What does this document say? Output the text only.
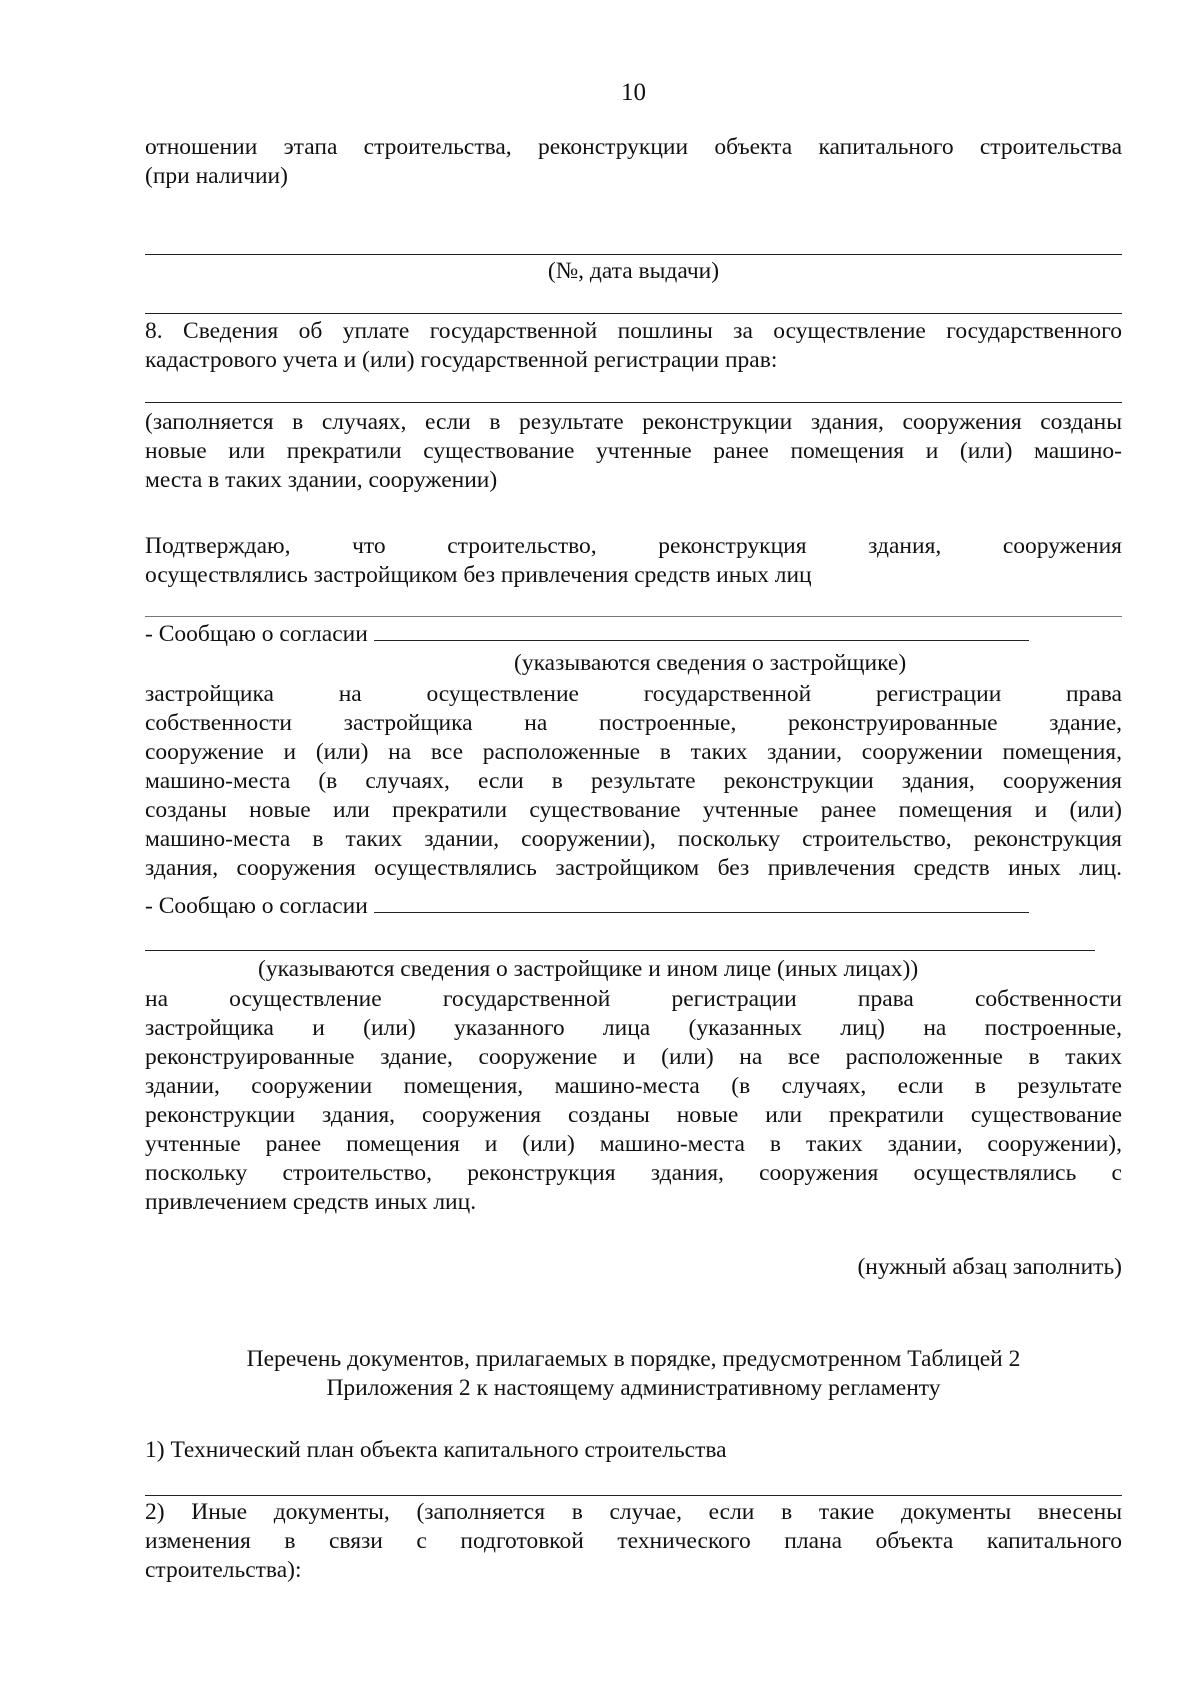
10
отношении этапа строительства, реконструкции объекта капитального строительства
(при наличии)
(№, дата выдачи)
8. Сведения об уплате государственной пошлины за осуществление государственного
кадастрового учета и (или) государственной регистрации прав:
(заполняется в случаях, если в результате реконструкции здания, сооружения созданы
новые или прекратили существование учтенные ранее помещения и (или) машино-
места в таких здании, сооружении)
Подтверждаю, что строительство, реконструкция здания, сооружения
осуществлялись застройщиком без привлечения средств иных лиц
- Сообщаю о согласии
(указываются сведения о застройщике)
застройщика на осуществление государственной регистрации права
собственности застройщика на построенные, реконструированные здание,
сооружение и (или) на все расположенные в таких здании, сооружении помещения,
машино-места (в случаях, если в результате реконструкции здания, сооружения
созданы новые или прекратили существование учтенные ранее помещения и (или)
машино-места в таких здании, сооружении), поскольку строительство, реконструкция
здания, сооружения осуществлялись застройщиком без привлечения средств иных лиц.
- Сообщаю о согласии
(указываются сведения о застройщике и ином лице (иных лицах))
на осуществление государственной регистрации права собственности
застройщика и (или) указанного лица (указанных лиц) на построенные,
реконструированные здание, сооружение и (или) на все расположенные в таких
здании, сооружении помещения, машино-места (в случаях, если в результате
реконструкции здания, сооружения созданы новые или прекратили существование
учтенные ранее помещения и (или) машино-места в таких здании, сооружении),
поскольку строительство, реконструкция здания, сооружения осуществлялись с
привлечением средств иных лиц.
(нужный абзац заполнить)
Перечень документов, прилагаемых в порядке, предусмотренном Таблицей 2
Приложения 2 к настоящему административному регламенту
1) Технический план объекта капитального строительства
2) Иные документы, (заполняется в случае, если в такие документы внесены
изменения в связи с подготовкой технического плана объекта капитального
строительства):
